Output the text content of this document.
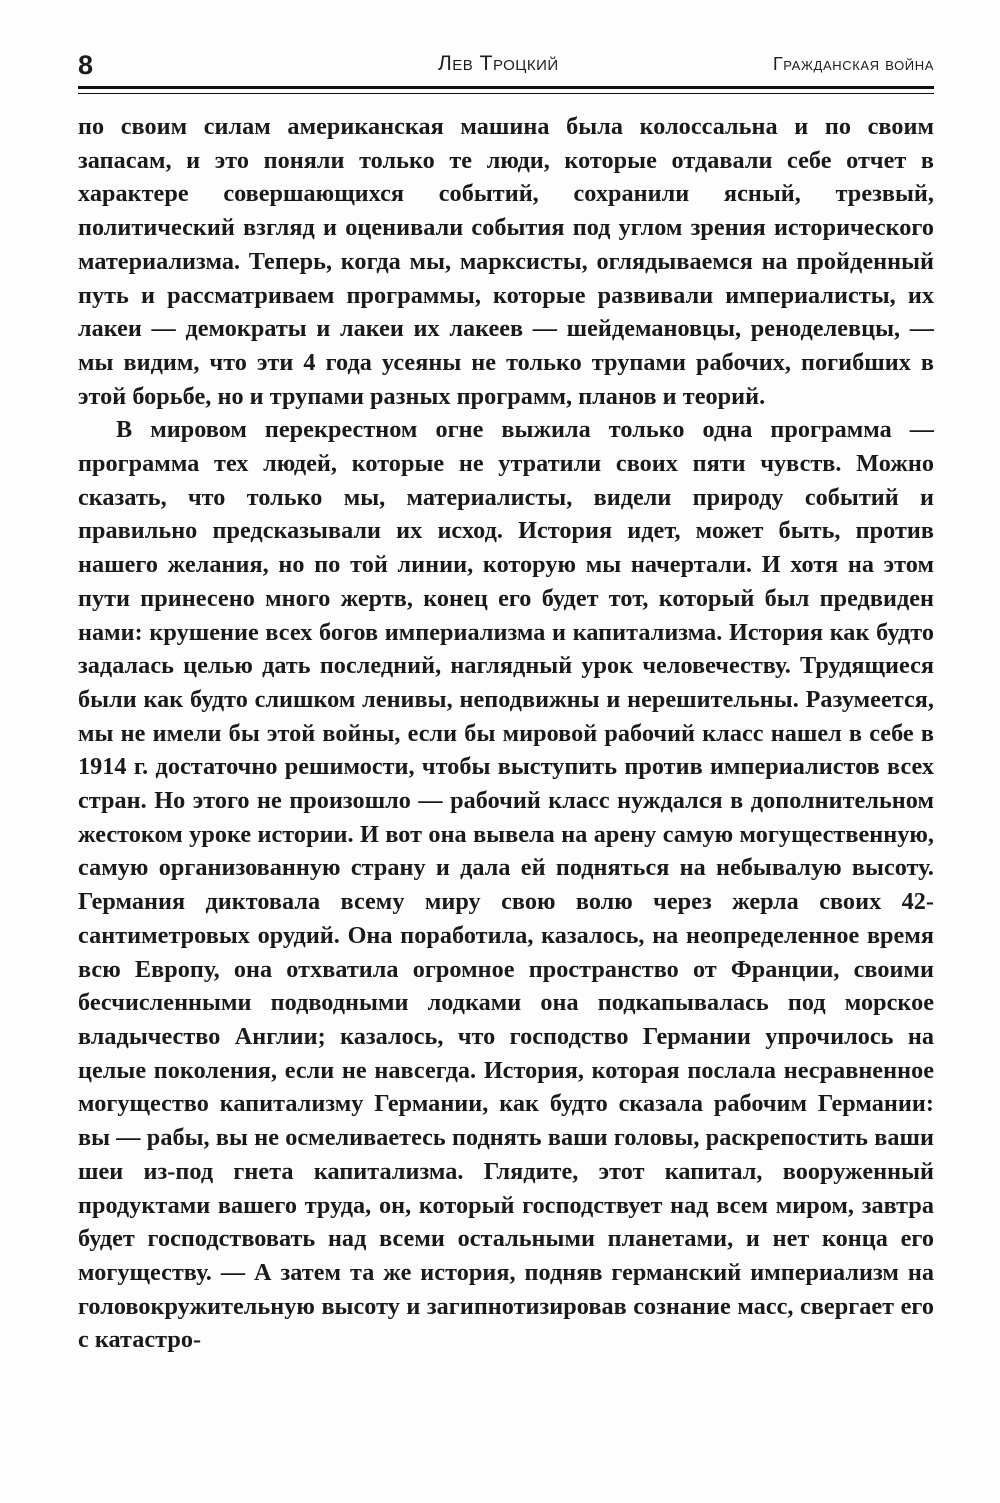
8	Лев Троцкий	Гражданская война

по своим силам американская машина была колоссальна и по своим запасам, и это поняли только те люди, которые отдавали себе отчет в характере совершающихся событий, сохранили ясный, трезвый, политический взгляд и оценивали события под углом зрения исторического материализма. Теперь, когда мы, марксисты, оглядываемся на пройденный путь и рассматриваем программы, которые развивали империалисты, их лакеи — демократы и лакеи их лакеев — шейдемановцы, реноделевцы, — мы видим, что эти 4 года усеяны не только трупами рабочих, погибших в этой борьбе, но и трупами разных программ, планов и теорий.

В мировом перекрестном огне выжила только одна программа — программа тех людей, которые не утратили своих пяти чувств. Можно сказать, что только мы, материалисты, видели природу событий и правильно предсказывали их исход. История идет, может быть, против нашего желания, но по той линии, которую мы начертали. И хотя на этом пути принесено много жертв, конец его будет тот, который был предвиден нами: крушение всех богов империализма и капитализма. История как будто задалась целью дать последний, наглядный урок человечеству. Трудящиеся были как будто слишком ленивы, неподвижны и нерешительны. Разумеется, мы не имели бы этой войны, если бы мировой рабочий класс нашел в себе в 1914 г. достаточно решимости, чтобы выступить против империалистов всех стран. Но этого не произошло — рабочий класс нуждался в дополнительном жестоком уроке истории. И вот она вывела на арену самую могущественную, самую организованную страну и дала ей подняться на небывалую высоту. Германия диктовала всему миру свою волю через жерла своих 42-сантиметровых орудий. Она поработила, казалось, на неопределенное время всю Европу, она отхватила огромное пространство от Франции, своими бесчисленными подводными лодками она подкапывалась под морское владычество Англии; казалось, что господство Германии упрочилось на целые поколения, если не навсегда. История, которая послала несравненное могущество капитализму Германии, как будто сказала рабочим Германии: вы — рабы, вы не осмеливаетесь поднять ваши головы, раскрепостить ваши шеи из-под гнета капитализма. Глядите, этот капитал, вооруженный продуктами вашего труда, он, который господствует над всем миром, завтра будет господствовать над всеми остальными планетами, и нет конца его могуществу. — А затем та же история, подняв германский империализм на головокружительную высоту и загипнотизировав сознание масс, свергает его с катастро-
